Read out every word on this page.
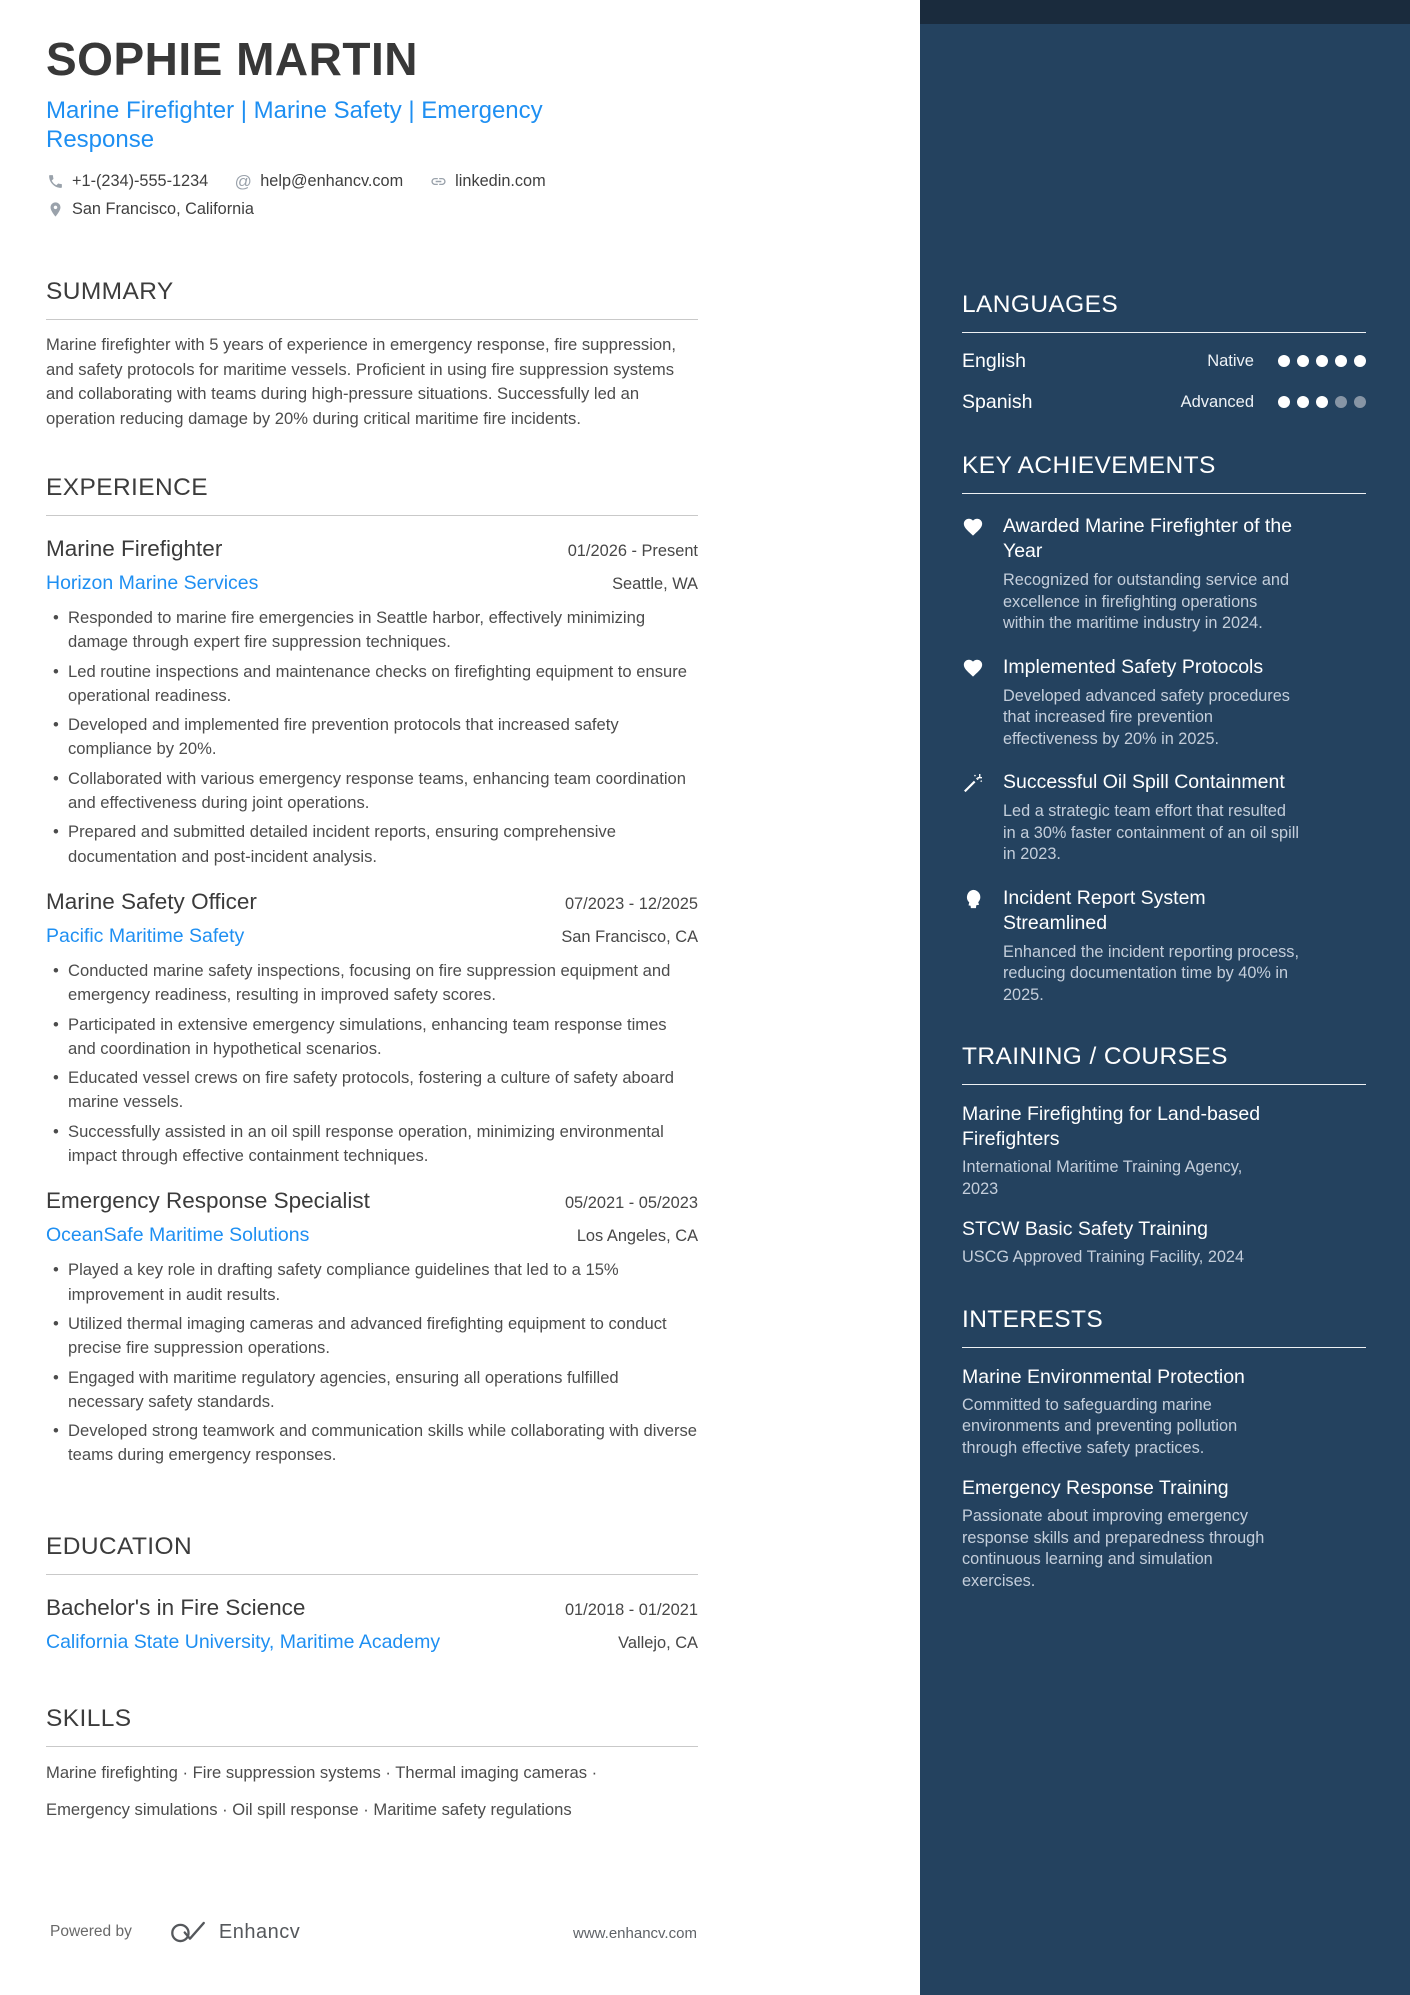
SOPHIE MARTIN
Marine Firefighter | Marine Safety | Emergency Response
+1-(234)-555-1234 @	help@enhancv.com	linkedin.com
San Francisco, California
SUMMARY
Marine firefighter with 5 years of experience in emergency response, fire suppression, and safety protocols for maritime vessels. Proficient in using fire suppression systems and collaborating with teams during high-pressure situations. Successfully led an operation reducing damage by 20% during critical maritime fire incidents.
EXPERIENCE
Marine Firefighter	01/2026 - Present
Horizon Marine Services	Seattle, WA
• Responded to marine fire emergencies in Seattle harbor, effectively minimizing damage through expert fire suppression techniques.
• Led routine inspections and maintenance checks on firefighting equipment to ensure operational readiness.
• Developed and implemented fire prevention protocols that increased safety compliance by 20%.
• Collaborated with various emergency response teams, enhancing team coordination and effectiveness during joint operations.
• Prepared and submitted detailed incident reports, ensuring comprehensive documentation and post-incident analysis.
Marine Safety Officer	07/2023 - 12/2025
Pacific Maritime Safety	San Francisco, CA
• Conducted marine safety inspections, focusing on fire suppression equipment and emergency readiness, resulting in improved safety scores.
• Participated in extensive emergency simulations, enhancing team response times and coordination in hypothetical scenarios.
• Educated vessel crews on fire safety protocols, fostering a culture of safety aboard marine vessels.
• Successfully assisted in an oil spill response operation, minimizing environmental impact through effective containment techniques.
Emergency Response Specialist	05/2021 - 05/2023
OceanSafe Maritime Solutions	Los Angeles, CA
• Played a key role in drafting safety compliance guidelines that led to a 15% improvement in audit results.
• Utilized thermal imaging cameras and advanced firefighting equipment to conduct precise fire suppression operations.
• Engaged with maritime regulatory agencies, ensuring all operations fulfilled necessary safety standards.
• Developed strong teamwork and communication skills while collaborating with diverse teams during emergency responses.
EDUCATION
Bachelor's in Fire Science	01/2018 - 01/2021
California State University, Maritime Academy	Vallejo, CA
SKILLS
Marine firefighting · Fire suppression systems · Thermal imaging cameras ·
Emergency simulations · Oil spill response · Maritime safety regulations
LANGUAGES
English	Native
Spanish	Advanced
KEY ACHIEVEMENTS
Awarded Marine Firefighter of the Year
Recognized for outstanding service and excellence in firefighting operations within the maritime industry in 2024.
Implemented Safety Protocols
Developed advanced safety procedures that increased fire prevention effectiveness by 20% in 2025.
Successful Oil Spill Containment
Led a strategic team effort that resulted in a 30% faster containment of an oil spill in 2023.
Incident Report System Streamlined
Enhanced the incident reporting process, reducing documentation time by 40% in 2025.
TRAINING / COURSES
Marine Firefighting for Land-based Firefighters
International Maritime Training Agency, 2023
STCW Basic Safety Training
USCG Approved Training Facility, 2024
INTERESTS
Marine Environmental Protection
Committed to safeguarding marine environments and preventing pollution through effective safety practices.
Emergency Response Training
Passionate about improving emergency response skills and preparedness through continuous learning and simulation exercises.
Powered by	Enhancv	www.enhancv.com
